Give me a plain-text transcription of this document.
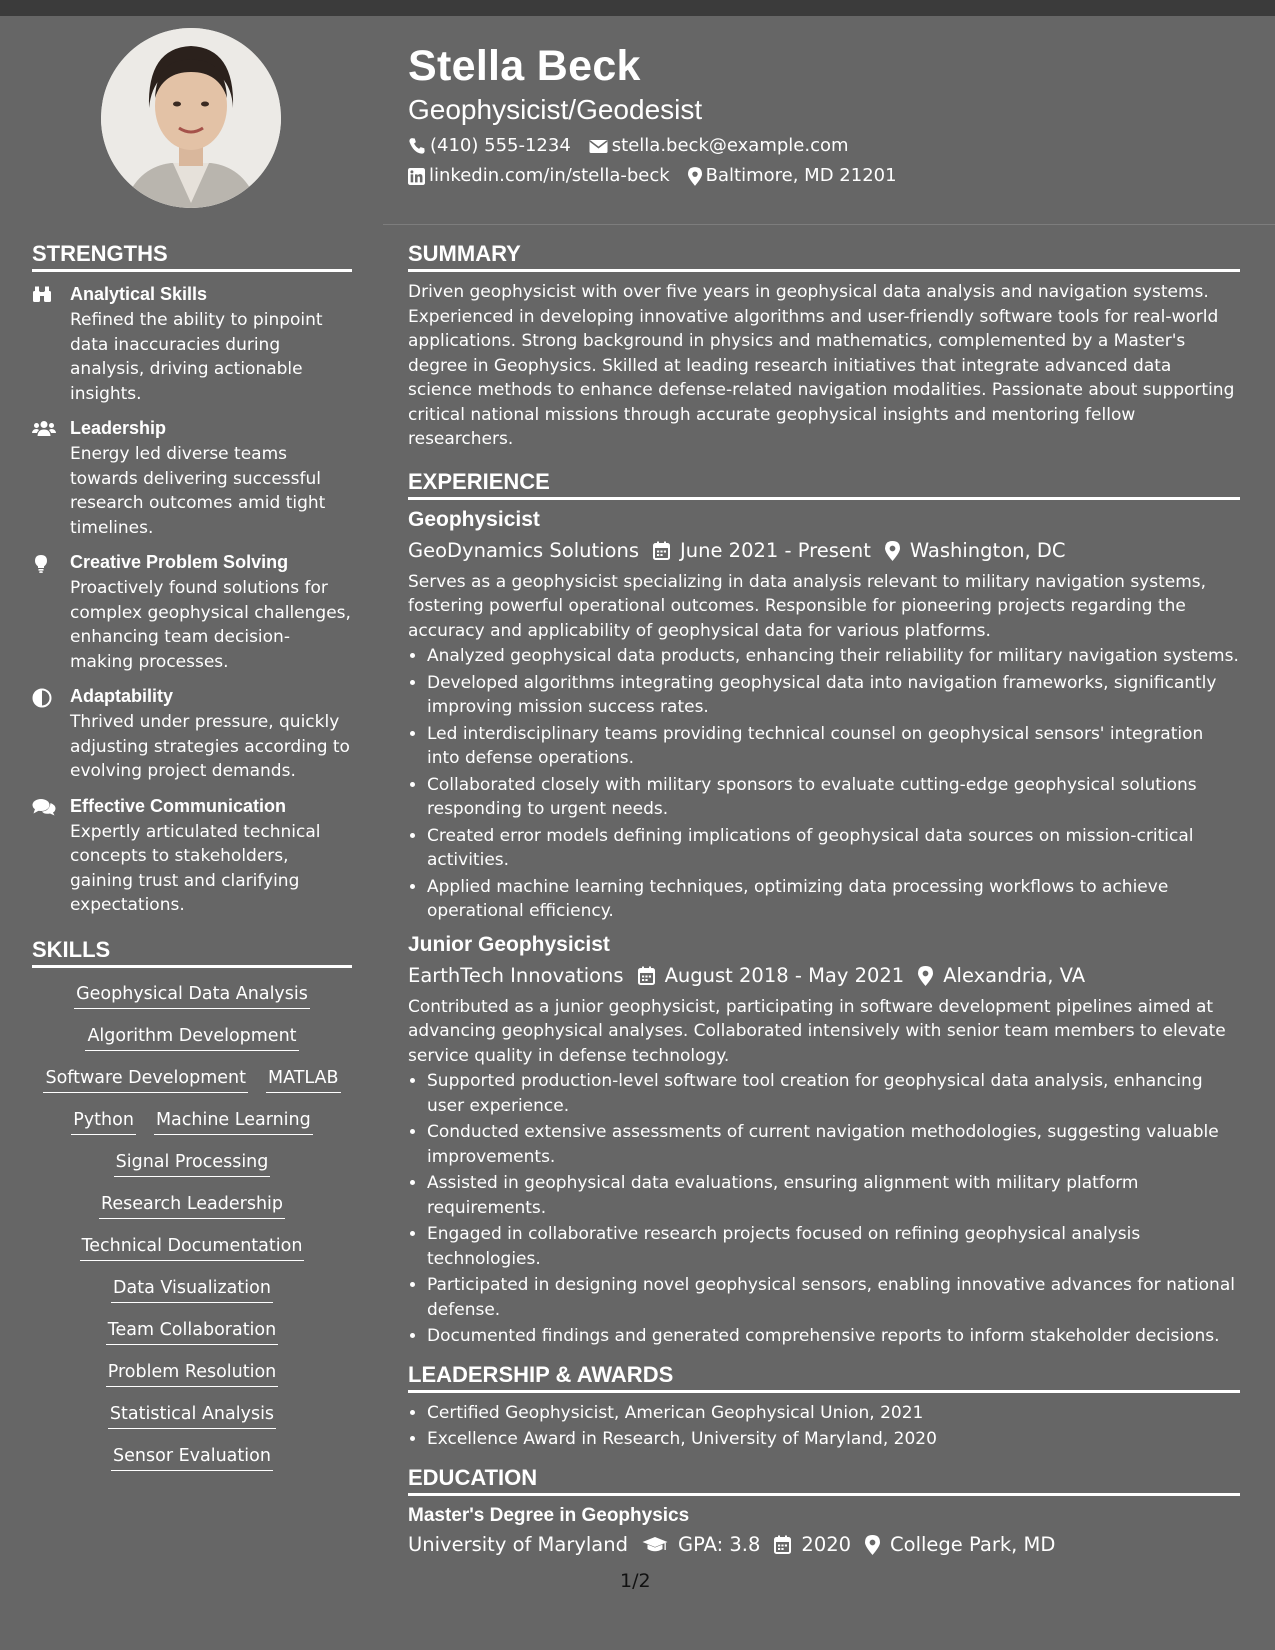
Stella Beck
Geophysicist/Geodesist
(410) 555-1234 stella.beck@example.com
linkedin.com/in/stella-beck Baltimore, MD 21201
STRENGTHS
Analytical Skills
Refined the ability to pinpoint data inaccuracies during analysis, driving actionable insights.
Leadership
Energy led diverse teams towards delivering successful research outcomes amid tight timelines.
Creative Problem Solving
Proactively found solutions for complex geophysical challenges, enhancing team decision-making processes.
Adaptability
Thrived under pressure, quickly adjusting strategies according to evolving project demands.
Effective Communication
Expertly articulated technical concepts to stakeholders, gaining trust and clarifying expectations.
SKILLS
Geophysical Data Analysis
Algorithm Development
Software Development MATLAB
Python Machine Learning
Signal Processing
Research Leadership
Technical Documentation
Data Visualization
Team Collaboration
Problem Resolution
Statistical Analysis
Sensor Evaluation
SUMMARY
Driven geophysicist with over five years in geophysical data analysis and navigation systems. Experienced in developing innovative algorithms and user-friendly software tools for real-world applications. Strong background in physics and mathematics, complemented by a Master's degree in Geophysics. Skilled at leading research initiatives that integrate advanced data science methods to enhance defense-related navigation modalities. Passionate about supporting critical national missions through accurate geophysical insights and mentoring fellow researchers.
EXPERIENCE
Geophysicist
GeoDynamics Solutions June 2021 - Present Washington, DC
Serves as a geophysicist specializing in data analysis relevant to military navigation systems, fostering powerful operational outcomes. Responsible for pioneering projects regarding the accuracy and applicability of geophysical data for various platforms.
• Analyzed geophysical data products, enhancing their reliability for military navigation systems.
• Developed algorithms integrating geophysical data into navigation frameworks, significantly improving mission success rates.
• Led interdisciplinary teams providing technical counsel on geophysical sensors' integration into defense operations.
• Collaborated closely with military sponsors to evaluate cutting-edge geophysical solutions responding to urgent needs.
• Created error models defining implications of geophysical data sources on mission-critical activities.
• Applied machine learning techniques, optimizing data processing workflows to achieve operational efficiency.
Junior Geophysicist
EarthTech Innovations August 2018 - May 2021 Alexandria, VA
Contributed as a junior geophysicist, participating in software development pipelines aimed at advancing geophysical analyses. Collaborated intensively with senior team members to elevate service quality in defense technology.
• Supported production-level software tool creation for geophysical data analysis, enhancing user experience.
• Conducted extensive assessments of current navigation methodologies, suggesting valuable improvements.
• Assisted in geophysical data evaluations, ensuring alignment with military platform requirements.
• Engaged in collaborative research projects focused on refining geophysical analysis technologies.
• Participated in designing novel geophysical sensors, enabling innovative advances for national defense.
• Documented findings and generated comprehensive reports to inform stakeholder decisions.
LEADERSHIP & AWARDS
• Certified Geophysicist, American Geophysical Union, 2021
• Excellence Award in Research, University of Maryland, 2020
EDUCATION
Master's Degree in Geophysics
University of Maryland	GPA: 3.8 2020 College Park, MD
1/2
